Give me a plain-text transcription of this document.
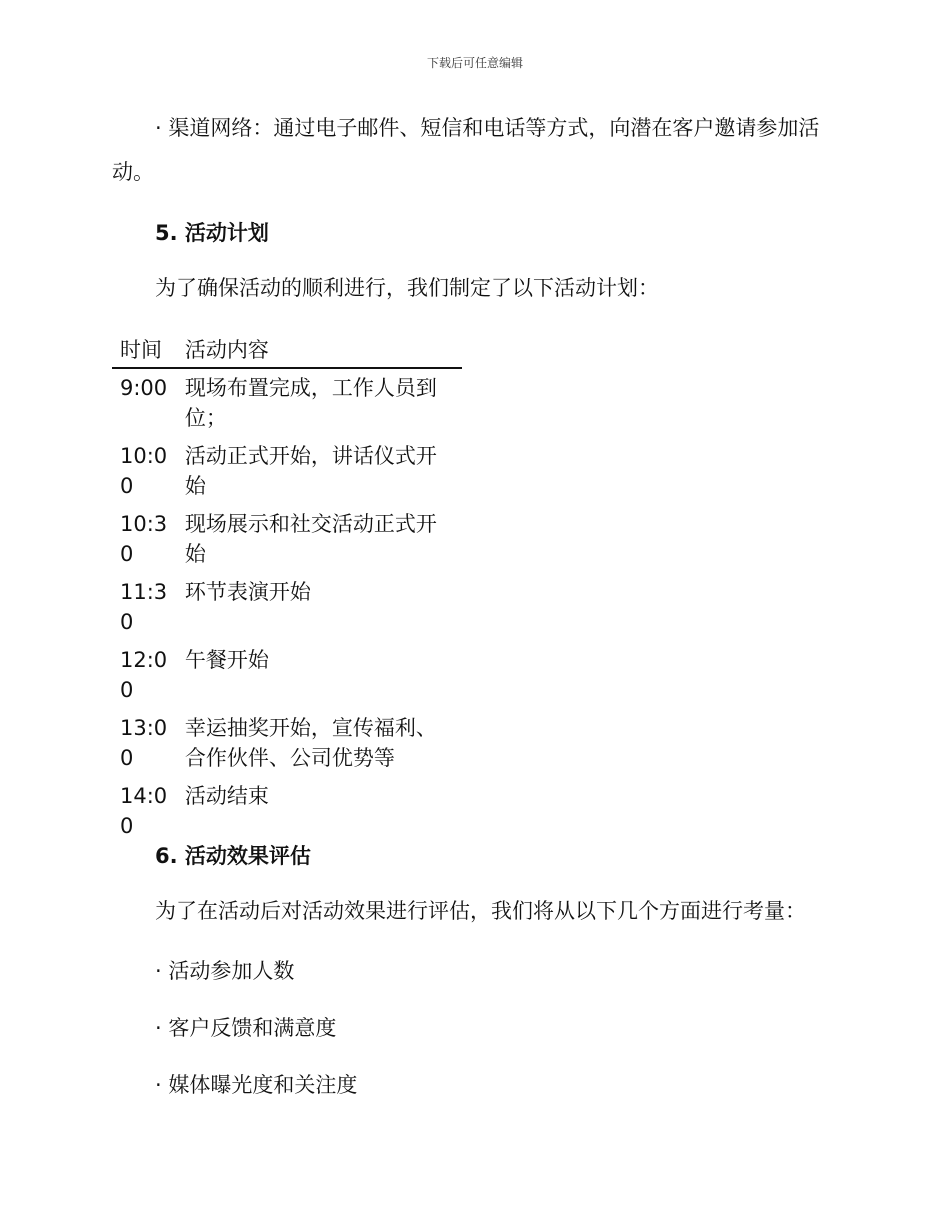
下载后可任意编辑

· 渠道网络：通过电子邮件、短信和电话等方式，向潜在客户邀请参加活动。

5. 活动计划

为了确保活动的顺利进行，我们制定了以下活动计划：

时间	活动内容
9:00	现场布置完成，工作人员到位；
10:00	活动正式开始，讲话仪式开始
10:30	现场展示和社交活动正式开始
11:30	环节表演开始
12:00	午餐开始
13:00	幸运抽奖开始，宣传福利、合作伙伴、公司优势等
14:00	活动结束

6. 活动效果评估

为了在活动后对活动效果进行评估，我们将从以下几个方面进行考量：

· 活动参加人数

· 客户反馈和满意度

· 媒体曝光度和关注度
